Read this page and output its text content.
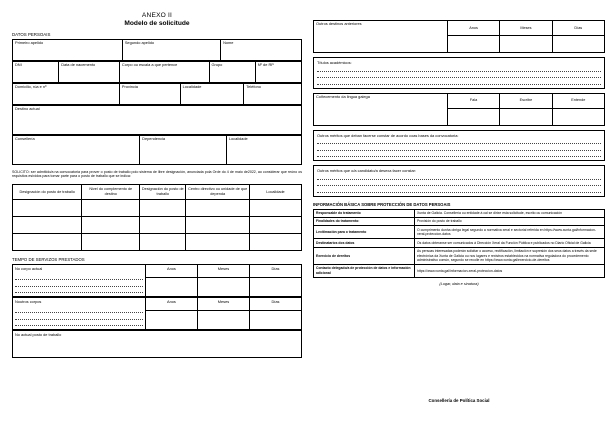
ANEXO II
Modelo de solicitude
DATOS PERSOAIS
Primeiro apelido	Segundo apelido	Nome
DNI	Data de nacemento	Corpo ou escala a que pertence	Grupo	Nº de RP
Domicilio, rúa e nº	Provincia	Localidade	Teléfono
Destino actual
Consellería	Dependencia	Localidade
SOLICITO: ser admitido/a na convocatoria para prover o posto de traballo polo sistema de libre designación, anunciada pola Orde do 4 de maio de2022, ao considerar que reúno os requisitos esixidos para tomar parte para o posto de traballo que se indica:
Designación do posto de traballo	Nivel do complemento de destino	Designación do posto de traballo	Centro directivo ou unidade de que dependa	Localidade

TEMPO DE SERVIZOS PRESTADOS
No corpo actual	Anos	Meses	Días

Noutros corpos	Anos	Meses	Días

No actual posto de traballo
Outros destinos anteriores	Anos	Meses	Días

Títulos académicos:
Coñecemento da lingua galega	Fala	Escribe	Entende

Outros méritos que deban facerse constar de acordo coas bases da convocatoria:
Outros méritos que o/a candidato/a desexa facer constar:
INFORMACIÓN BÁSICA SOBRE PROTECCIÓN DE DATOS PERSOAIS
Responsable do tratamento	Xunta de Galicia. Consellería ou entidade á cal se dirixe esta solicitude, escrito ou comunicación
Finalidades do tratamento:	Provisión do posto de traballo
Lexitimación para o tratamento	O cumprimento dunha obriga legal segundo a normativa xeral e sectorial referida en https://www.xunta.gal/informacion-xeral-proteccion-datos
Destinatarios dos datos	Os datos obteranse ser comunicados á Dirección Xeral da Función Pública e publicados no Diario Oficial de Galicia
Exercicio de dereitos	As persoas interesadas poderán solicitar o acceso, rectificación, limitación e supresión dos seus datos a través da sede electrónica da Xunta de Galicia ou nos lugares e rexistros establecidos na normativa reguladora do procedemento administrativo común, segundo se recolle en https://www.xunta.gal/exercicio-de-dereitos
Contacto delegado/a de protección de datos e información adicional	https://www.xunta.gal/informacion-xeral-proteccion-datos
(Lugar, data e sinatura)
Consellería de Política Social
